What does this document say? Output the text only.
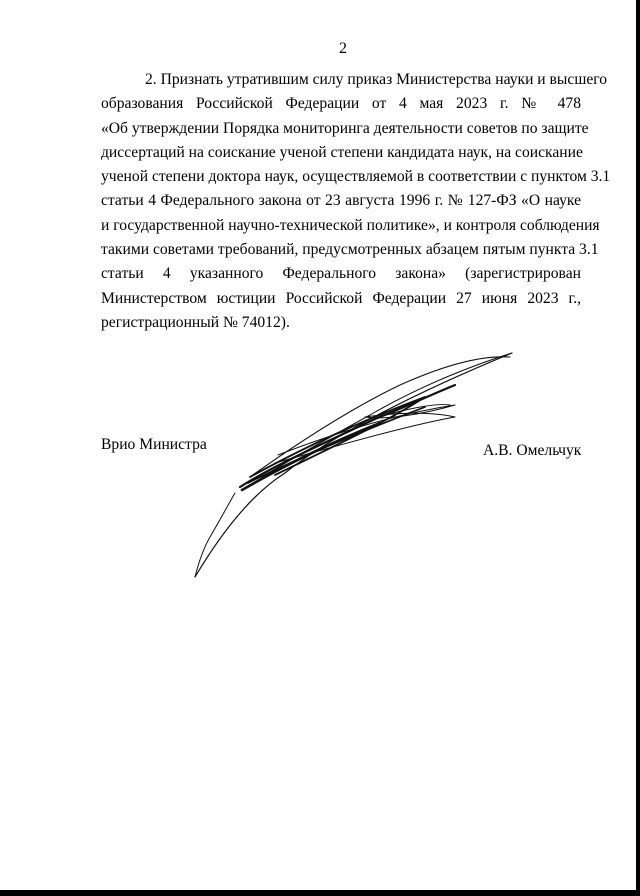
2
2. Признать утратившим силу приказ Министерства науки и высшего
образования Российской Федерации от 4 мая 2023 г. № 478
«Об утверждении Порядка мониторинга деятельности советов по защите
диссертаций на соискание ученой степени кандидата наук, на соискание
ученой степени доктора наук, осуществляемой в соответствии с пунктом 3.1
статьи 4 Федерального закона от 23 августа 1996 г. № 127-ФЗ «О науке
и государственной научно-технической политике», и контроля соблюдения
такими советами требований, предусмотренных абзацем пятым пункта 3.1
статьи 4 указанного Федерального закона» (зарегистрирован
Министерством юстиции Российской Федерации 27 июня 2023 г.,
регистрационный № 74012).
Врио Министра	А.В. Омельчук
